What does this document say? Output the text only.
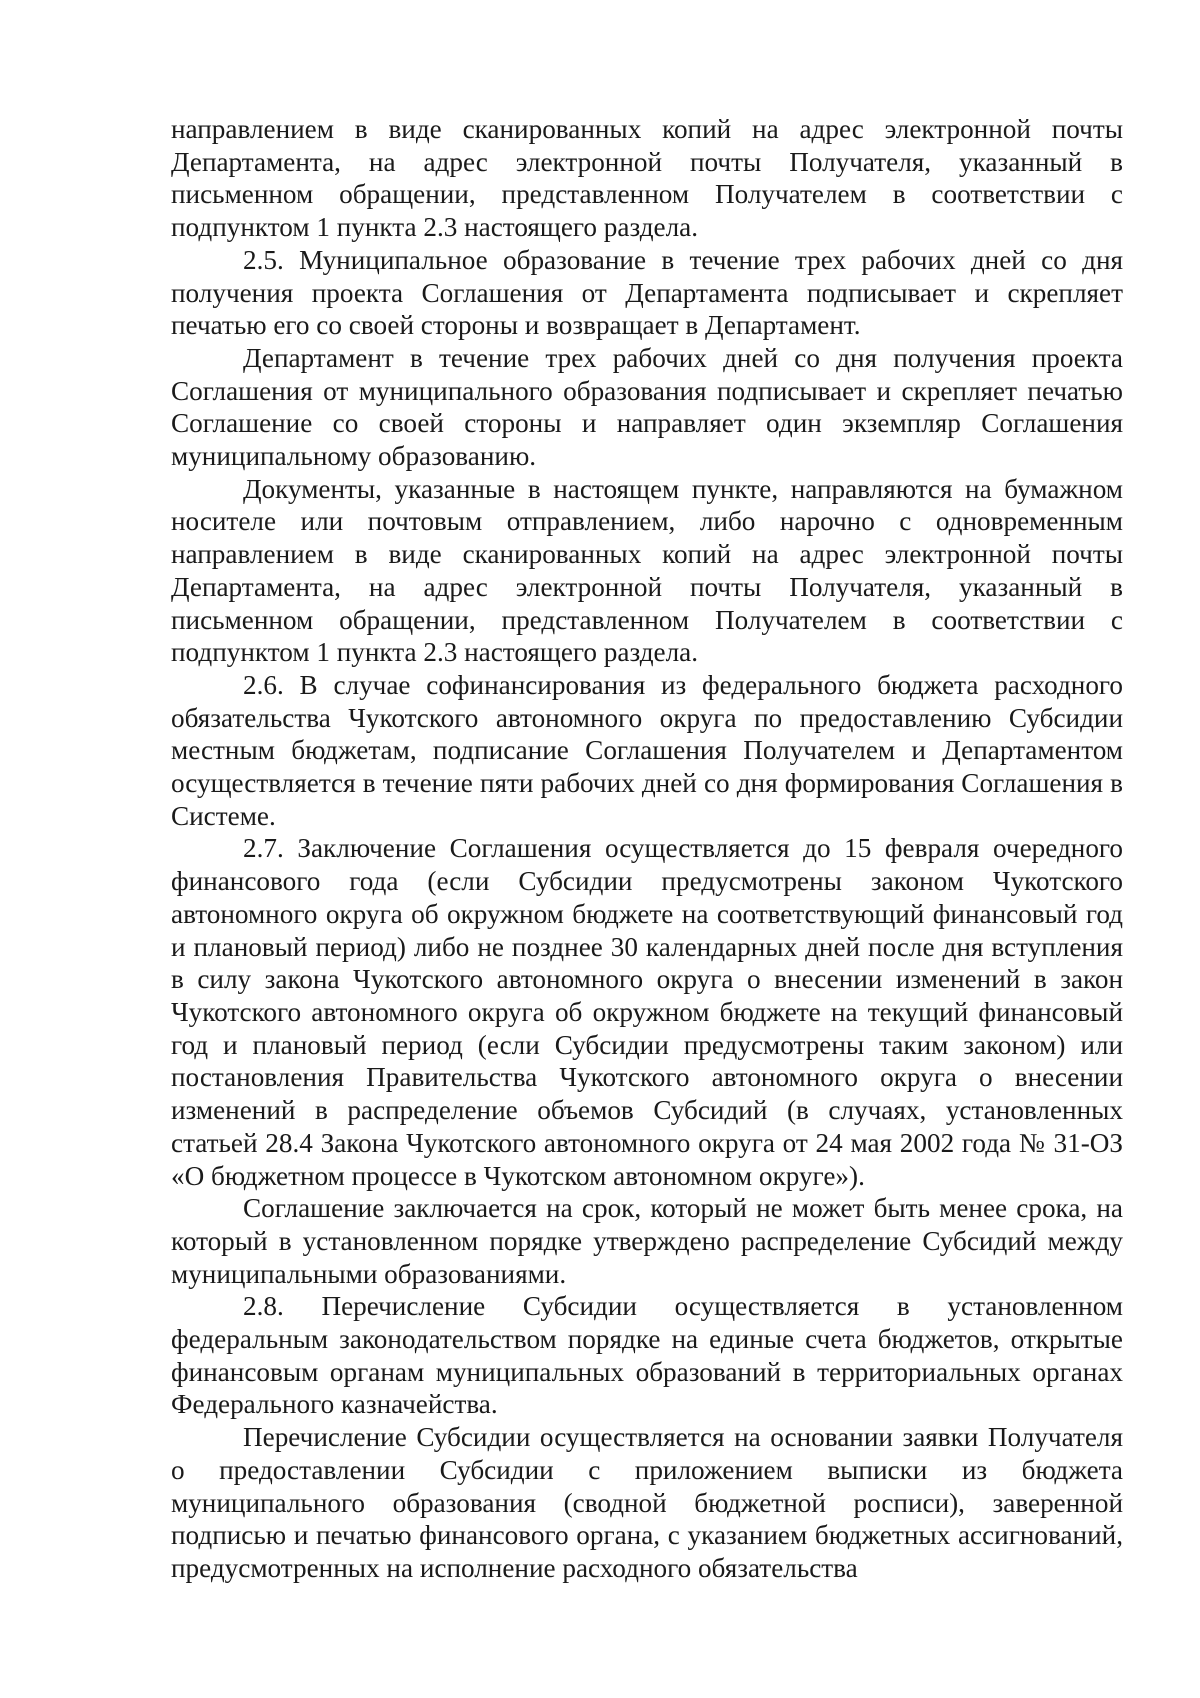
направлением в виде сканированных копий на адрес электронной почты Департамента, на адрес электронной почты Получателя, указанный в письменном обращении, представленном Получателем в соответствии с подпунктом 1 пункта 2.3 настоящего раздела.

2.5. Муниципальное образование в течение трех рабочих дней со дня получения проекта Соглашения от Департамента подписывает и скрепляет печатью его со своей стороны и возвращает в Департамент.

Департамент в течение трех рабочих дней со дня получения проекта Соглашения от муниципального образования подписывает и скрепляет печатью Соглашение со своей стороны и направляет один экземпляр Соглашения муниципальному образованию.

Документы, указанные в настоящем пункте, направляются на бумажном носителе или почтовым отправлением, либо нарочно с одновременным направлением в виде сканированных копий на адрес электронной почты Департамента, на адрес электронной почты Получателя, указанный в письменном обращении, представленном Получателем в соответствии с подпунктом 1 пункта 2.3 настоящего раздела.

2.6. В случае софинансирования из федерального бюджета расходного обязательства Чукотского автономного округа по предоставлению Субсидии местным бюджетам, подписание Соглашения Получателем и Департаментом осуществляется в течение пяти рабочих дней со дня формирования Соглашения в Системе.

2.7. Заключение Соглашения осуществляется до 15 февраля очередного финансового года (если Субсидии предусмотрены законом Чукотского автономного округа об окружном бюджете на соответствующий финансовый год и плановый период) либо не позднее 30 календарных дней после дня вступления в силу закона Чукотского автономного округа о внесении изменений в закон Чукотского автономного округа об окружном бюджете на текущий финансовый год и плановый период (если Субсидии предусмотрены таким законом) или постановления Правительства Чукотского автономного округа о внесении изменений в распределение объемов Субсидий (в случаях, установленных статьей 28.4 Закона Чукотского автономного округа от 24 мая 2002 года № 31-ОЗ «О бюджетном процессе в Чукотском автономном округе»).

Соглашение заключается на срок, который не может быть менее срока, на который в установленном порядке утверждено распределение Субсидий между муниципальными образованиями.

2.8. Перечисление Субсидии осуществляется в установленном федеральным законодательством порядке на единые счета бюджетов, открытые финансовым органам муниципальных образований в территориальных органах Федерального казначейства.

Перечисление Субсидии осуществляется на основании заявки Получателя о предоставлении Субсидии с приложением выписки из бюджета муниципального образования (сводной бюджетной росписи), заверенной подписью и печатью финансового органа, с указанием бюджетных ассигнований, предусмотренных на исполнение расходного обязательства
